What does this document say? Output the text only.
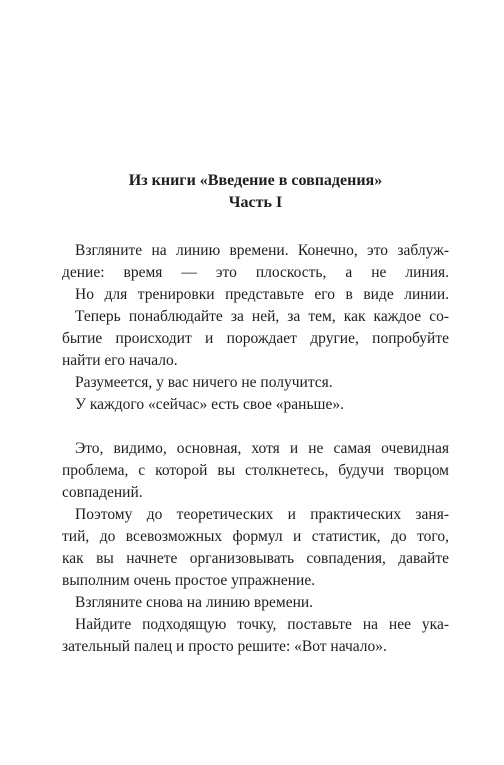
Из книги «Введение в совпадения»
Часть I
Взгляните на линию времени. Конечно, это заблуж-
дение: время — это плоскость, а не линия.
Но для тренировки представьте его в виде линии.
Теперь понаблюдайте за ней, за тем, как каждое со-
бытие происходит и порождает другие, попробуйте
найти его начало.
Разумеется, у вас ничего не получится.
У каждого «сейчас» есть свое «раньше».
Это, видимо, основная, хотя и не самая очевидная
проблема, с которой вы столкнетесь, будучи творцом
совпадений.
Поэтому до теоретических и практических заня-
тий, до всевозможных формул и статистик, до того,
как вы начнете организовывать совпадения, давайте
выполним очень простое упражнение.
Взгляните снова на линию времени.
Найдите подходящую точку, поставьте на нее ука-
зательный палец и просто решите: «Вот начало».
